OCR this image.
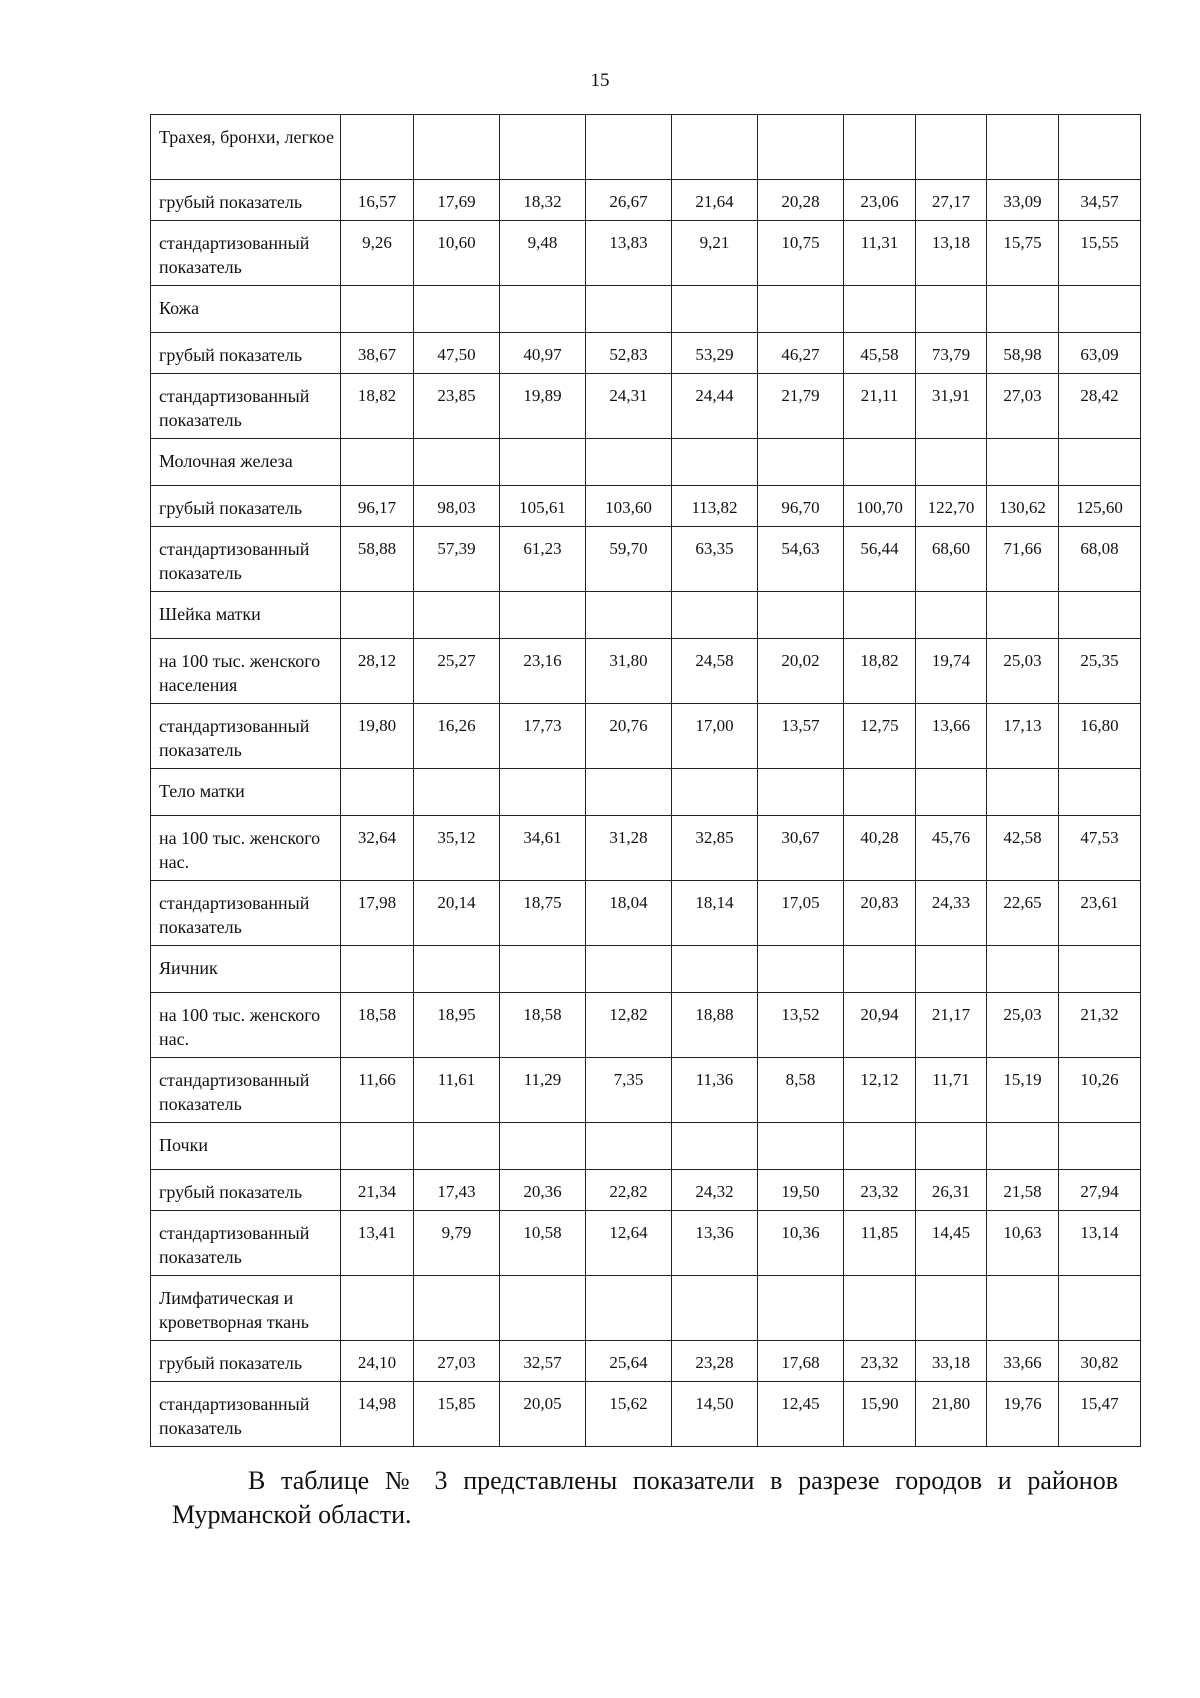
15
Трахея, бронхи, легкое										
грубый показатель	16,57	17,69	18,32	26,67	21,64	20,28	23,06	27,17	33,09	34,57
стандартизованный показатель	9,26	10,60	9,48	13,83	9,21	10,75	11,31	13,18	15,75	15,55
Кожа										
грубый показатель	38,67	47,50	40,97	52,83	53,29	46,27	45,58	73,79	58,98	63,09
стандартизованный показатель	18,82	23,85	19,89	24,31	24,44	21,79	21,11	31,91	27,03	28,42
Молочная железа										
грубый показатель	96,17	98,03	105,61	103,60	113,82	96,70	100,70	122,70	130,62	125,60
стандартизованный показатель	58,88	57,39	61,23	59,70	63,35	54,63	56,44	68,60	71,66	68,08
Шейка матки										
на 100 тыс. женского населения	28,12	25,27	23,16	31,80	24,58	20,02	18,82	19,74	25,03	25,35
стандартизованный показатель	19,80	16,26	17,73	20,76	17,00	13,57	12,75	13,66	17,13	16,80
Тело матки										
на 100 тыс. женского нас.	32,64	35,12	34,61	31,28	32,85	30,67	40,28	45,76	42,58	47,53
стандартизованный показатель	17,98	20,14	18,75	18,04	18,14	17,05	20,83	24,33	22,65	23,61
Яичник										
на 100 тыс. женского нас.	18,58	18,95	18,58	12,82	18,88	13,52	20,94	21,17	25,03	21,32
стандартизованный показатель	11,66	11,61	11,29	7,35	11,36	8,58	12,12	11,71	15,19	10,26
Почки										
грубый показатель	21,34	17,43	20,36	22,82	24,32	19,50	23,32	26,31	21,58	27,94
стандартизованный показатель	13,41	9,79	10,58	12,64	13,36	10,36	11,85	14,45	10,63	13,14
Лимфатическая и кроветворная ткань										
грубый показатель	24,10	27,03	32,57	25,64	23,28	17,68	23,32	33,18	33,66	30,82
стандартизованный показатель	14,98	15,85	20,05	15,62	14,50	12,45	15,90	21,80	19,76	15,47
В таблице № 3 представлены показатели в разрезе городов и районов Мурманской области.
